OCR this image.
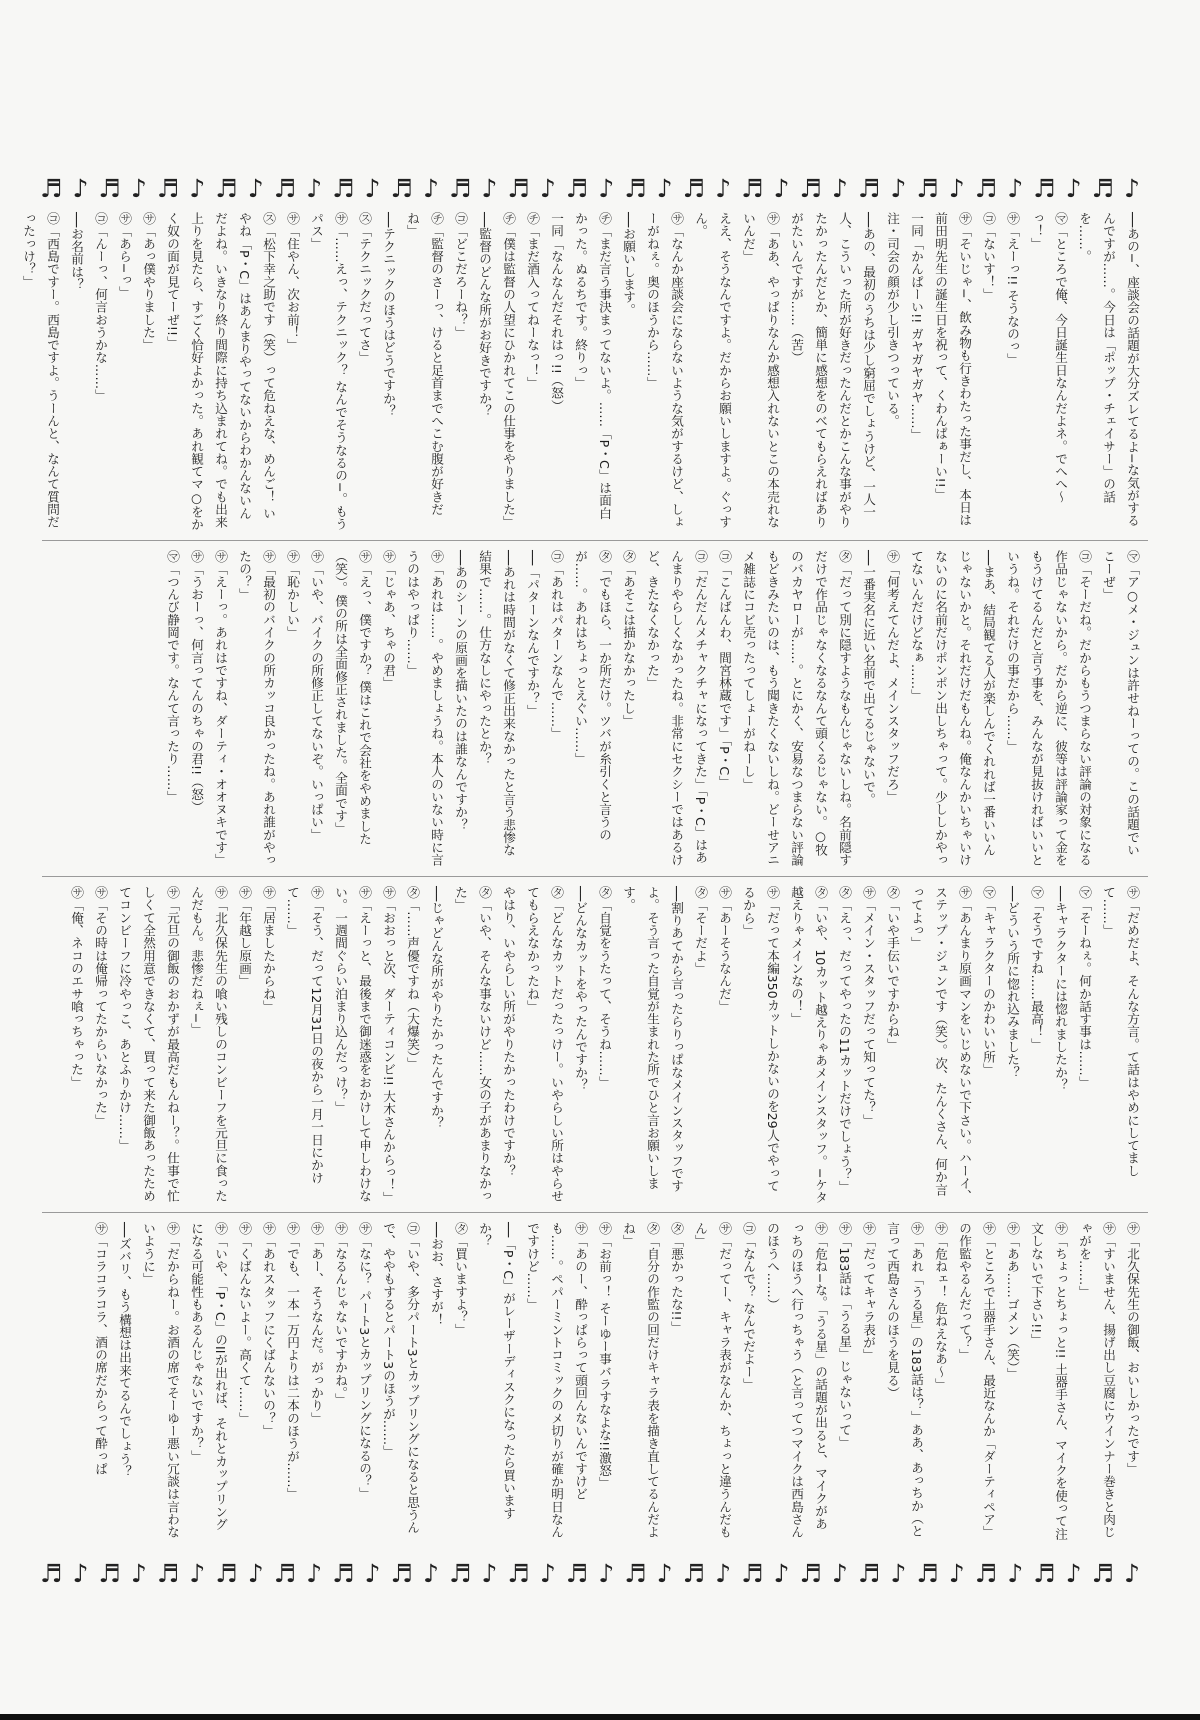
♬ ♪ ♬ ♪ ♬ ♪ ♬ ♪ ♬ ♪ ♬ ♪ ♬ ♪ ♬ ♪ ♬ ♪ ♬ ♪ ♬ ♪ ♬ ♪ ♬ ♪ ♬ ♪ ♬ ♪ ♬ ♪ ♬ ♪ ♬ ♪ ♬ ♪
──あの−、座談会の話題が大分ズレてるよ−な気がするんですが……。今日は「ポップ・チェイサー」の話を……。
㋮「ところで俺、今日誕生日なんだよネ。でへへ〜っ！」
㋚「えーっ!! そうなのっ」
㋙「ないす！」
㋚「そいじゃ−、飲み物も行きわたった事だし、本日は前田明先生の誕生日を祝って、くわんぱぁーい!!」
一同「かんぱーい!! ガヤガヤガヤ……」
注・司会の顔が少し引きつっている。
──あの、最初のうちは少し窮屈でしょうけど、一人一人、こういった所が好きだったんだとかこんな事がやりたかったんだとか、簡単に感想をのべてもらえればありがたいんですが……（苦）
㋚「ああ、やっぱりなんか感想入れないとこの本売れないんだ」
ええ、そうなんですよ。だからお願いしますよ。ぐっすん。
㋚「なんか座談会にならないような気がするけど、しょーがねぇ。奥のほうから……」
──お願いします。
㋠「まだ言う事決まってないよ。……「P・C」は面白かった。ぬるちです。終りっ」
一同「なんなんだそれはっ!!（怒）
㋠「まだ酒入ってねーなっ！」
㋠「僕は監督の人望にひかれてこの仕事をやりました」
──監督のどんな所がお好きですか？
㋙「どこだろーね？」
㋠「監督のさーっ、けると足首までへこむ腹が好きだね」
──テクニックのほうはどうですか？
㋜「テクニックだってさ」
㋚「……えっ、テクニック？ なんでそうなるの−。もうパス」
㋚「住やん、次お前！」
㋜「松下幸之助です（笑）って危ねえな、めんご！ いやね「P・C」はあんまりやってないからわかんないんだよね。いきなり終り間際に持ち込まれてね。でも出来上りを見たら、すごく恰好よかった。あれ観てマ○をかく奴の面が見てーぜ!!」
㋚「あっ僕やりました」
㋚「あら−っ」
㋙「んーっ、何言おうかな……」
──お名前は？
㋙「西島ですー。西島ですよ。うーんと、なんて質問だったっけ？」
㋮「ア○メ・ジュンは許せねーっての。この話題でいこーぜ」
㋙「そーだね。だからもうつまらない評論の対象になる作品じゃないから。だから逆に、彼等は評論家って金をもうけてるんだと言う事を、みんなが見抜ければいいというね。それだけの事だから……」
──まあ、結局観てる人が楽しんでくれれば一番いいんじゃないかと。それだけだもんね。俺なんかいちゃいけないのに名前だけポンポン出しちゃって。少ししかやってないんだけどなぁ……」
㋚「何考えてんだよ、メインスタッフだろ」
──一番実名に近い名前で出てるじゃないで。
㋟「だって別に隠すようなもんじゃないしね。名前隠すだけで作品じゃなくなるなんて頭くるじゃない。○牧のバカヤローが……。とにかく、安易なつまらない評論もどきみたいのは、もう聞きたくないしね。どーせアニメ雑誌にコビ売ったってしょーがねーし」
㋙「こんばんわ、間宮林蔵です」「P・C」
㋙「だんだんメチャクチャになってきた」「P・C」はあんまりやらしくなかったね。非常にセクシーではあるけど、きたなくなかった」
㋟「あそこは描かなかったし」
㋟「でもほら、一か所だけ。ツバが糸引くと言うのが……。あれはちょっとえぐい……」
㋙「あれはパターンなんで……」
──「パターンなんですか？」
──あれは時間がなくて修正出来なかったと言う悲惨な結果で……。仕方なしにやったとか？
──あのシーンの原画を描いたのは誰なんですか？
㋚「あれは……。やめましょうね。本人のいない時に言うのはやっぱり……」
㋚「じゃあ、ちゃの君」
㋚「えっ、僕ですか？ 僕はこれで会社をやめました（笑）。僕の所は全面修正されました。全面です」
㋚「いや、バイクの所修正してないぞ。いっぱい」
㋚「恥かしい」
㋚「最初のバイクの所カッコ良かったね。あれ誰がやったの？」
㋚「えーっ。あれはですね、ダーティ・オオヌキです」
㋚「うおーっ、何言ってんのちゃの君!!（怒）
㋮「つんび静岡です。なんて言ったり……」
㋚「だめだよ、そんな方言。て話はやめにしてまして……」
㋮「そーねぇ。何か話す事は……」
──キャラクターには惚れましたか？
㋮「そうですね……最高！」
──どういう所に惚れ込みました？
㋮「キャラクターのかわいい所」
㋚「あんまり原画マンをいじめないで下さい。ハーイ、ステップ・ジュンです（笑）。次、たんくさん、何か言ってよっ」
㋟「いや手伝いですからね」
㋚「メイン・スタッフだって知ってた？」
㋟「えっ、だってやったの11カットだけでしょう？」
㋟「いや、10カット越えりゃあメインスタッフ。−ケタ越えりゃメインなの！」
㋚「だって本編350カットしかないのを29人でやってるから」
㋚「あーそうなんだ」
㋟「そーだよ」
──割りあてから言ったらりっぱなメインスタッフですよ。そう言った自覚が生まれた所でひと言お願いします。
㋟「自覚をうたって、そうね……」
──どんなカットをやったんですか？
㋟「どんなカットだったっけー。いやらしい所はやらせてもらえなかったね」
やはり、いやらしい所がやりたかったわけですか？
㋟「いや、そんな事ないけど……女の子があまりなかった」
──じゃどんな所がやりたかったんですか？
㋟「……声優ですね（大爆笑）」
㋚「おおっと次、ダーティコンビ!! 大木さんからっ！」
㋚「えーっと、最後まで御迷惑をおかけして申しわけない。一週間ぐらい泊まり込んだっけ？」
㋚「そう、だって12月31日の夜から一月一日にかけて……」
㋚「居ましたからね」
㋚「年越し原画」
㋚「北久保先生の喰い残しのコンビーフを元旦に食ったんだもん。悲惨だねぇ−」
㋚「元旦の御飯のおかずが最高だもんねー？。仕事で忙しくて全然用意できなくて、買って来た御飯あったためてコンビーフに冷やっこ、あとふりかけ……」
㋚「その時は俺帰ってたからいなかった」
㋚「俺、ネコのエサ喰っちゃった」
㋚「北久保先生の御飯、おいしかったです」
㋚「すいません、揚げ出し豆腐にウインナー巻きと肉じゃがを……」
㋚「ちょっとちょっと!! 土器手さん、マイクを使って注文しないで下さい!!」
㋚「ああ……ゴメン（笑）」
㋚「ところで土器手さん、最近なんか「ダーティペア」の作監やるんだって？」
㋚「危ねェ！ 危ねえなあ〜」
㋚「あれ「うる星」の183話は？」ああ、あっちか（と言って西島さんのほうを見る）
㋚「だってキャラ表が」
㋚「183話は「うる星」じゃないって」
㋚「危ね−な。「うる星」の話題が出ると、マイクがあっちのほうへ行っちゃう（と言ってつマイクは西島さんのほうへ……）
㋙「なんで？ なんでだよー」
㋚「だってー、キャラ表がなんか、ちょっと違うんだもん」
㋟「悪かったな!!」
㋟「自分の作監の回だけキャラ表を描き直してるんだよね」
㋚「お前っ！ そーゆー事バラすなよな!!激怒」
㋚「あのー、酔っぱらって頭回んないんですけども……。ペパーミントコミックのメ切りが確か明日なんですけど……」
──「P・C」がレーザーディスクになったら買いますか？
㋟「買いますよ？」
──おお、さすが！
㋙「いや、多分パート3とカップリングになると思うんで、ややもするとパート3のほうが……」
㋚「なに？ パート3とカップリングになるの？」
㋚「なるんじゃないですかね。」
㋚「あー、そうなんだ。がっかり」
㋚「でも、一本一万円よりは二本のほうが……」
㋚「あれスタッフにくばんないの？」
㋚「くばんないよー。高くて……」
㋚「いや、「P・C」のIIが出れば、それとカップリングになる可能性もあるんじゃないですか？」
㋚「だからねー。お酒の席でそーゆー悪い冗談は言わないように」
──ズバリ、もう構想は出来てるんでしょう？
㋚「コラコラコラ、酒の席だからって酔っぱ
♬ ♪ ♬ ♪ ♬ ♪ ♬ ♪ ♬ ♪ ♬ ♪ ♬ ♪ ♬ ♪ ♬ ♪ ♬ ♪ ♬ ♪ ♬ ♪ ♬ ♪ ♬ ♪ ♬ ♪ ♬ ♪ ♬ ♪ ♬ ♪ ♬ ♪
